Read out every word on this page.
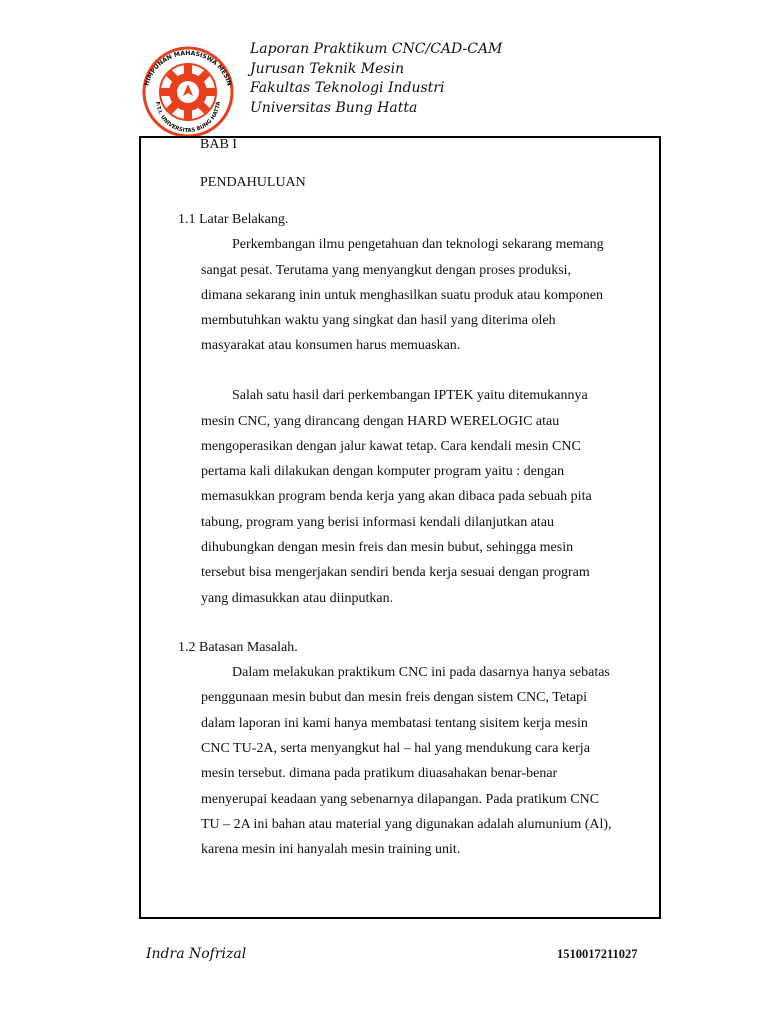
HIMPUNAN MAHASISWA MESIN
F.T.I. UNIVERSITAS BUNG HATTA
Laporan Praktikum CNC/CAD-CAM
Jurusan Teknik Mesin
Fakultas Teknologi Industri
Universitas Bung Hatta
BAB I
PENDAHULUAN
1.1 Latar Belakang.
Perkembangan ilmu pengetahuan dan teknologi sekarang memang
sangat pesat. Terutama yang menyangkut dengan proses produksi,
dimana sekarang inin untuk menghasilkan suatu produk atau komponen
membutuhkan waktu yang singkat dan hasil yang diterima oleh
masyarakat atau konsumen harus memuaskan.
Salah satu hasil dari perkembangan IPTEK yaitu ditemukannya
mesin CNC, yang dirancang dengan HARD WERELOGIC atau
mengoperasikan dengan jalur kawat tetap. Cara kendali mesin CNC
pertama kali dilakukan dengan komputer program yaitu : dengan
memasukkan program benda kerja yang akan dibaca pada sebuah pita
tabung, program yang berisi informasi kendali dilanjutkan atau
dihubungkan dengan mesin freis dan mesin bubut, sehingga mesin
tersebut bisa mengerjakan sendiri benda kerja sesuai dengan program
yang dimasukkan atau diinputkan.
1.2 Batasan Masalah.
Dalam melakukan praktikum CNC ini pada dasarnya hanya sebatas
penggunaan mesin bubut dan mesin freis dengan sistem CNC, Tetapi
dalam laporan ini kami hanya membatasi tentang sisitem kerja mesin
CNC TU-2A, serta menyangkut hal – hal yang mendukung cara kerja
mesin tersebut. dimana pada pratikum diuasahakan benar-benar
menyerupai keadaan yang sebenarnya dilapangan. Pada pratikum CNC
TU – 2A ini bahan atau material yang digunakan adalah alumunium (Al),
karena mesin ini hanyalah mesin training unit.
Indra Nofrizal	1510017211027
